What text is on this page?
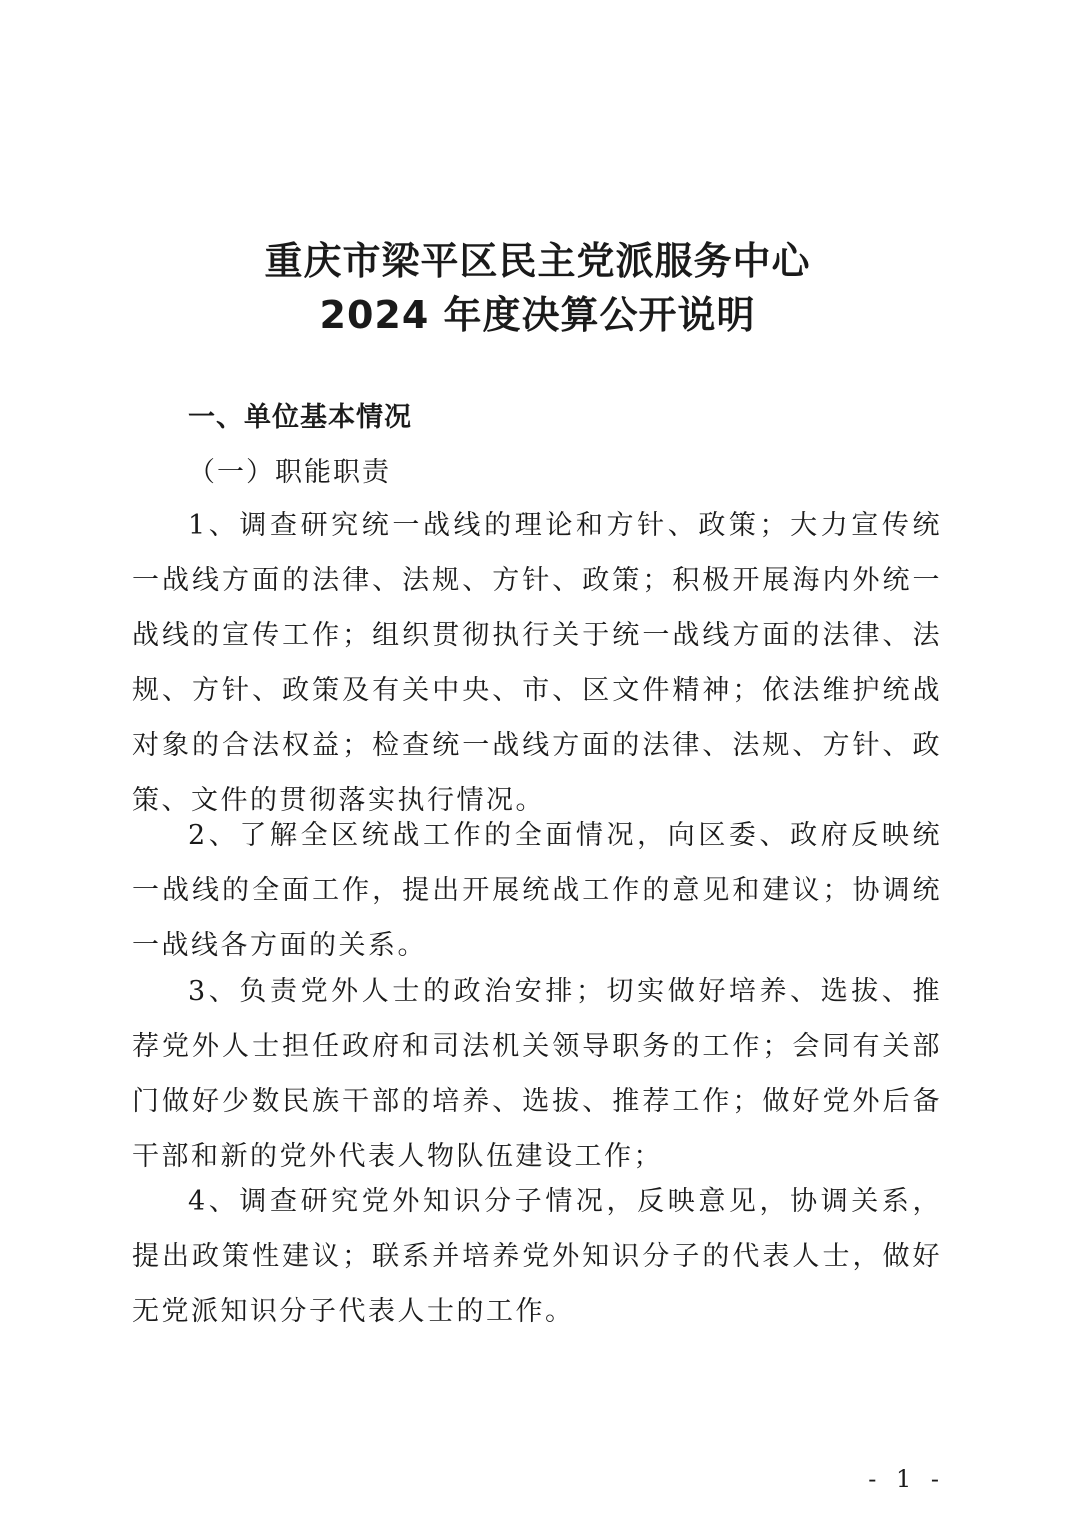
重庆市梁平区民主党派服务中心
2024 年度决算公开说明
一、单位基本情况
（一）职能职责

1、调查研究统一战线的理论和方针、政策；大力宣传统一战线方面的法律、法规、方针、政策；积极开展海内外统一战线的宣传工作；组织贯彻执行关于统一战线方面的法律、法规、方针、政策及有关中央、市、区文件精神；依法维护统战对象的合法权益；检查统一战线方面的法律、法规、方针、政策、文件的贯彻落实执行情况。

2、了解全区统战工作的全面情况，向区委、政府反映统一战线的全面工作，提出开展统战工作的意见和建议；协调统一战线各方面的关系。

3、负责党外人士的政治安排；切实做好培养、选拔、推荐党外人士担任政府和司法机关领导职务的工作；会同有关部门做好少数民族干部的培养、选拔、推荐工作；做好党外后备干部和新的党外代表人物队伍建设工作；

4、调查研究党外知识分子情况，反映意见，协调关系，提出政策性建议；联系并培养党外知识分子的代表人士，做好无党派知识分子代表人士的工作。

- 1 -
